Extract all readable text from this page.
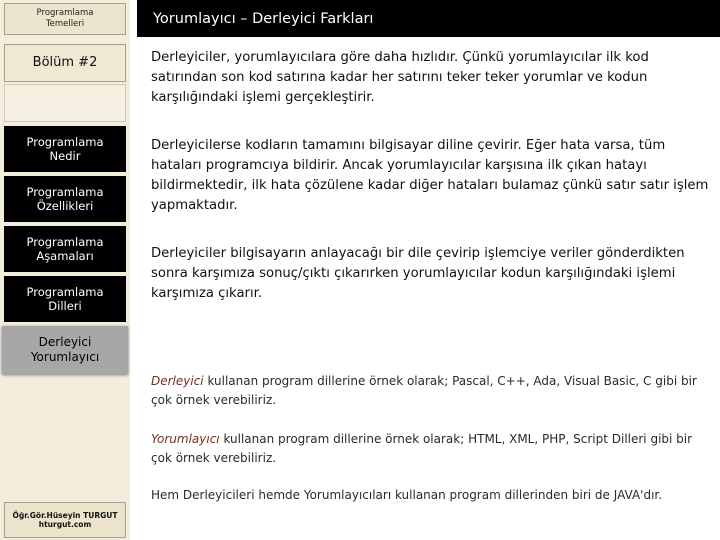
Programlama
Temelleri
Bölüm #2
Programlama
Nedir
Programlama
Özellikleri
Programlama
Aşamaları
Programlama
Dilleri
Derleyici
Yorumlayıcı
Öğr.Gör.Hüseyin TURGUT
hturgut.com
Yorumlayıcı – Derleyici Farkları

Derleyiciler, yorumlayıcılara göre daha hızlıdır. Çünkü yorumlayıcılar ilk kod satırından son kod satırına kadar her satırını teker teker yorumlar ve kodun karşılığındaki işlemi gerçekleştirir.

Derleyicilerse kodların tamamını bilgisayar diline çevirir. Eğer hata varsa, tüm hataları programcıya bildirir. Ancak yorumlayıcılar karşısına ilk çıkan hatayı bildirmektedir, ilk hata çözülene kadar diğer hataları bulamaz çünkü satır satır işlem yapmaktadır.

Derleyiciler bilgisayarın anlayacağı bir dile çevirip işlemciye veriler gönderdikten sonra karşımıza sonuç/çıktı çıkarırken yorumlayıcılar kodun karşılığındaki işlemi karşımıza çıkarır.

Derleyici kullanan program dillerine örnek olarak; Pascal, C++, Ada, Visual Basic, C gibi bir çok örnek verebiliriz.

Yorumlayıcı kullanan program dillerine örnek olarak; HTML, XML, PHP, Script Dilleri gibi bir çok örnek verebiliriz.

Hem Derleyicileri hemde Yorumlayıcıları kullanan program dillerinden biri de JAVA'dır.
